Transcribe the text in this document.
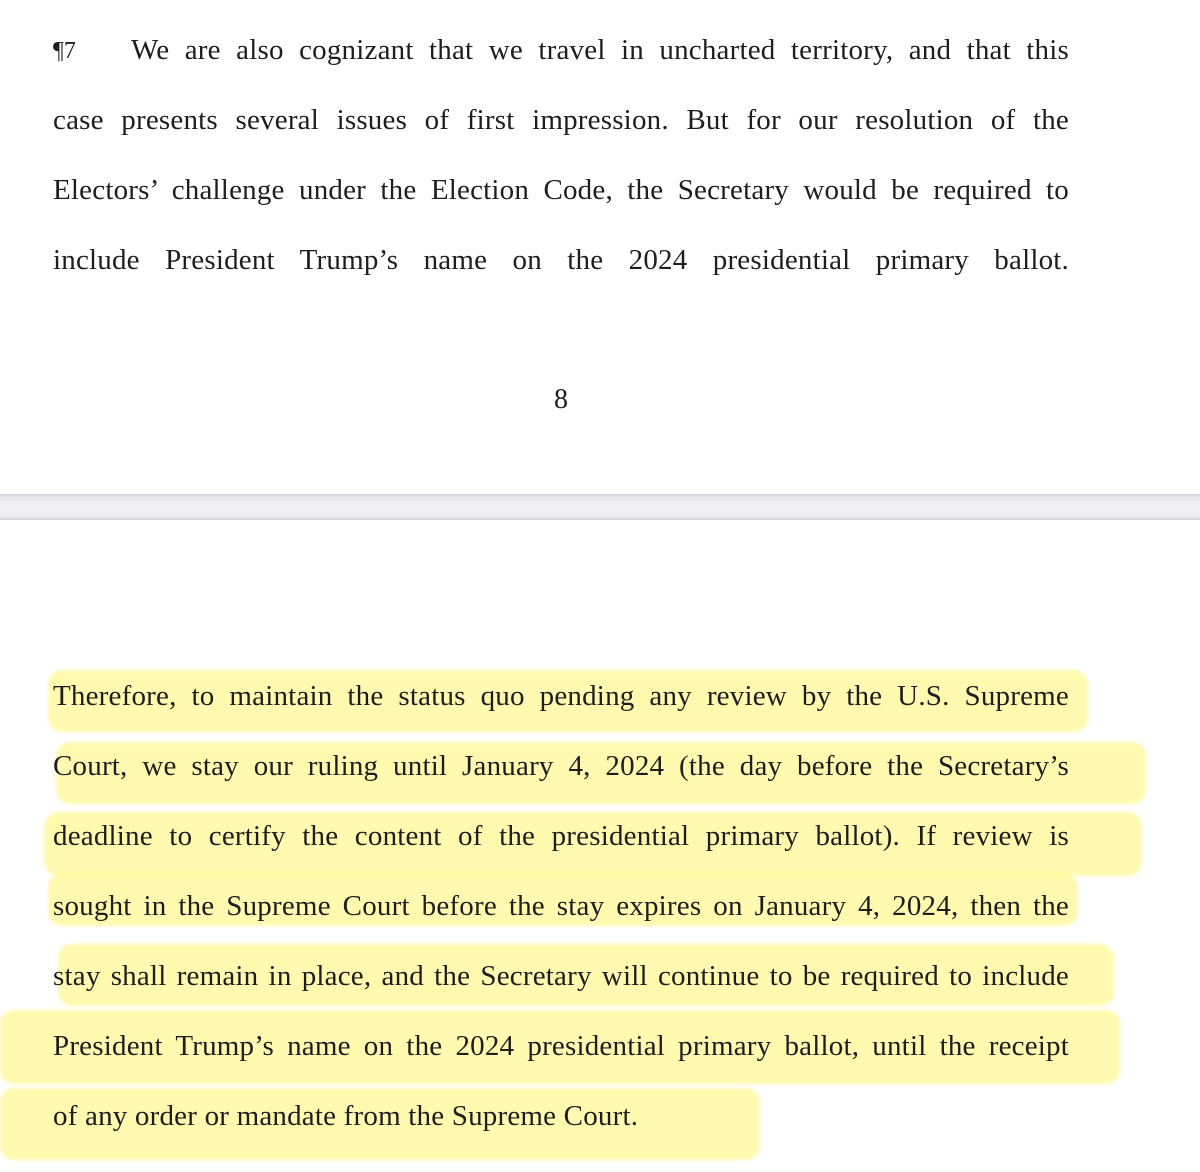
¶7 We are also cognizant that we travel in uncharted territory, and that this
case presents several issues of first impression. But for our resolution of the
Electors’ challenge under the Election Code, the Secretary would be required to
include President Trump’s name on the 2024 presidential primary ballot.
8
Therefore, to maintain the status quo pending any review by the U.S. Supreme
Court, we stay our ruling until January 4, 2024 (the day before the Secretary’s
deadline to certify the content of the presidential primary ballot). If review is
sought in the Supreme Court before the stay expires on January 4, 2024, then the
stay shall remain in place, and the Secretary will continue to be required to include
President Trump’s name on the 2024 presidential primary ballot, until the receipt
of any order or mandate from the Supreme Court.
